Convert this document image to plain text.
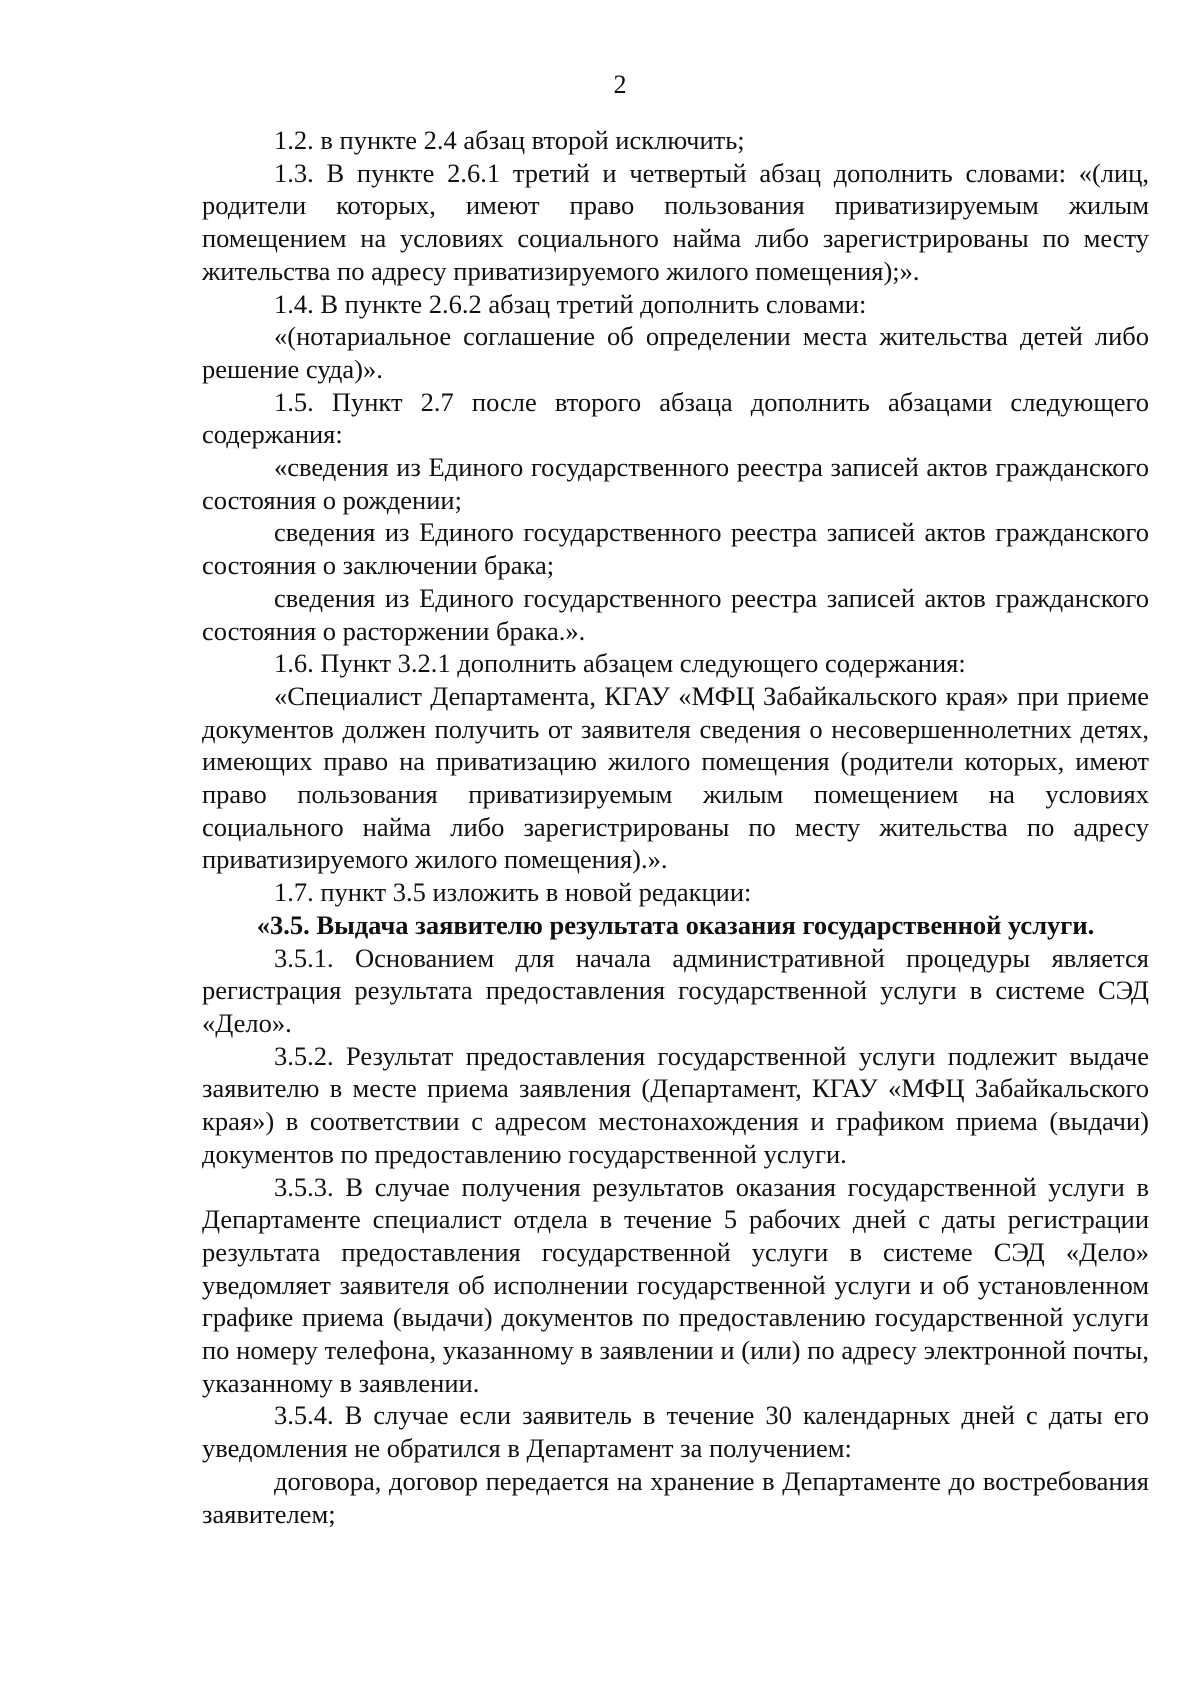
2

1.2. в пункте 2.4 абзац второй исключить;

1.3. В пункте 2.6.1 третий и четвертый абзац дополнить словами: «(лиц, родители которых, имеют право пользования приватизируемым жилым помещением на условиях социального найма либо зарегистрированы по месту жительства по адресу приватизируемого жилого помещения);».

1.4. В пункте 2.6.2 абзац третий дополнить словами:

«(нотариальное соглашение об определении места жительства детей либо решение суда)».

1.5. Пункт 2.7 после второго абзаца дополнить абзацами следующего содержания:

«сведения из Единого государственного реестра записей актов гражданского состояния о рождении;

сведения из Единого государственного реестра записей актов гражданского состояния о заключении брака;

сведения из Единого государственного реестра записей актов гражданского состояния о расторжении брака.».

1.6. Пункт 3.2.1 дополнить абзацем следующего содержания:

«Специалист Департамента, КГАУ «МФЦ Забайкальского края» при приеме документов должен получить от заявителя сведения о несовершеннолетних детях, имеющих право на приватизацию жилого помещения (родители которых, имеют право пользования приватизируемым жилым помещением на условиях социального найма либо зарегистрированы по месту жительства по адресу приватизируемого жилого помещения).».

1.7. пункт 3.5 изложить в новой редакции:

«3.5. Выдача заявителю результата оказания государственной услуги.

3.5.1. Основанием для начала административной процедуры является регистрация результата предоставления государственной услуги в системе СЭД «Дело».

3.5.2. Результат предоставления государственной услуги подлежит выдаче заявителю в месте приема заявления (Департамент, КГАУ «МФЦ Забайкальского края») в соответствии с адресом местонахождения и графиком приема (выдачи) документов по предоставлению государственной услуги.

3.5.3. В случае получения результатов оказания государственной услуги в Департаменте специалист отдела в течение 5 рабочих дней с даты регистрации результата предоставления государственной услуги в системе СЭД «Дело» уведомляет заявителя об исполнении государственной услуги и об установленном графике приема (выдачи) документов по предоставлению государственной услуги по номеру телефона, указанному в заявлении и (или) по адресу электронной почты, указанному в заявлении.

3.5.4. В случае если заявитель в течение 30 календарных дней с даты его уведомления не обратился в Департамент за получением:

договора, договор передается на хранение в Департаменте до востребования заявителем;
